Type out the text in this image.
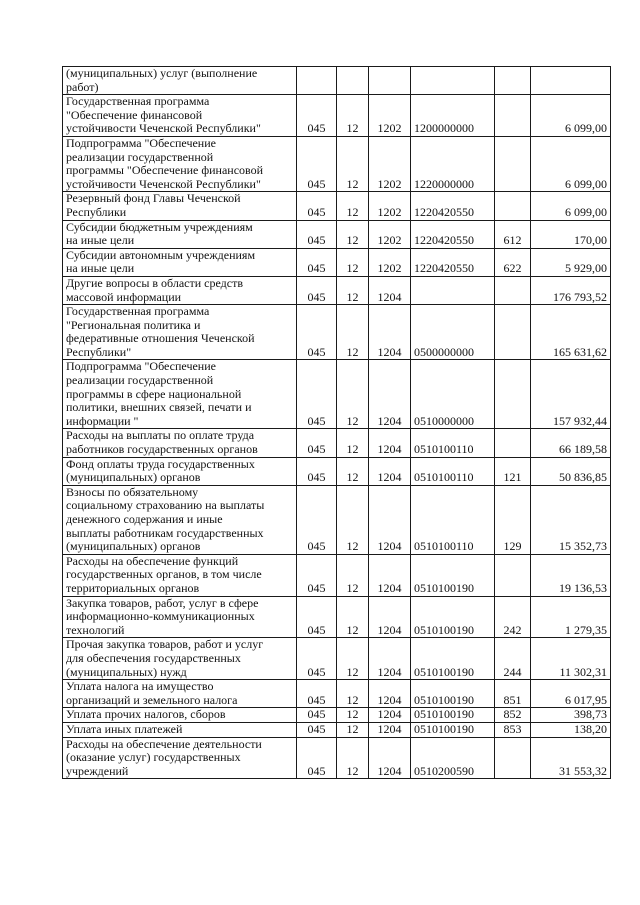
(муниципальных) услуг (выполнение
работ)						
Государственная программа
"Обеспечение финансовой
устойчивости Чеченской Республики"	045	12	1202	1200000000		6 099,00
Подпрограмма "Обеспечение
реализации государственной
программы "Обеспечение финансовой
устойчивости Чеченской Республики"	045	12	1202	1220000000		6 099,00
Резервный фонд Главы Чеченской
Республики	045	12	1202	1220420550		6 099,00
Субсидии бюджетным учреждениям
на иные цели	045	12	1202	1220420550	612	170,00
Субсидии автономным учреждениям
на иные цели	045	12	1202	1220420550	622	5 929,00
Другие вопросы в области средств
массовой информации	045	12	1204			176 793,52
Государственная программа
"Региональная политика и
федеративные отношения Чеченской
Республики"	045	12	1204	0500000000		165 631,62
Подпрограмма "Обеспечение
реализации государственной
программы в сфере национальной
политики, внешних связей, печати и
информации "	045	12	1204	0510000000		157 932,44
Расходы на выплаты по оплате труда
работников государственных органов	045	12	1204	0510100110		66 189,58
Фонд оплаты труда государственных
(муниципальных) органов	045	12	1204	0510100110	121	50 836,85
Взносы по обязательному
социальному страхованию на выплаты
денежного содержания и иные
выплаты работникам государственных
(муниципальных) органов	045	12	1204	0510100110	129	15 352,73
Расходы на обеспечение функций
государственных органов, в том числе
территориальных органов	045	12	1204	0510100190		19 136,53
Закупка товаров, работ, услуг в сфере
информационно-коммуникационных
технологий	045	12	1204	0510100190	242	1 279,35
Прочая закупка товаров, работ и услуг
для обеспечения государственных
(муниципальных) нужд	045	12	1204	0510100190	244	11 302,31
Уплата налога на имущество
организаций и земельного налога	045	12	1204	0510100190	851	6 017,95
Уплата прочих налогов, сборов	045	12	1204	0510100190	852	398,73
Уплата иных платежей	045	12	1204	0510100190	853	138,20
Расходы на обеспечение деятельности
(оказание услуг) государственных
учреждений	045	12	1204	0510200590		31 553,32
